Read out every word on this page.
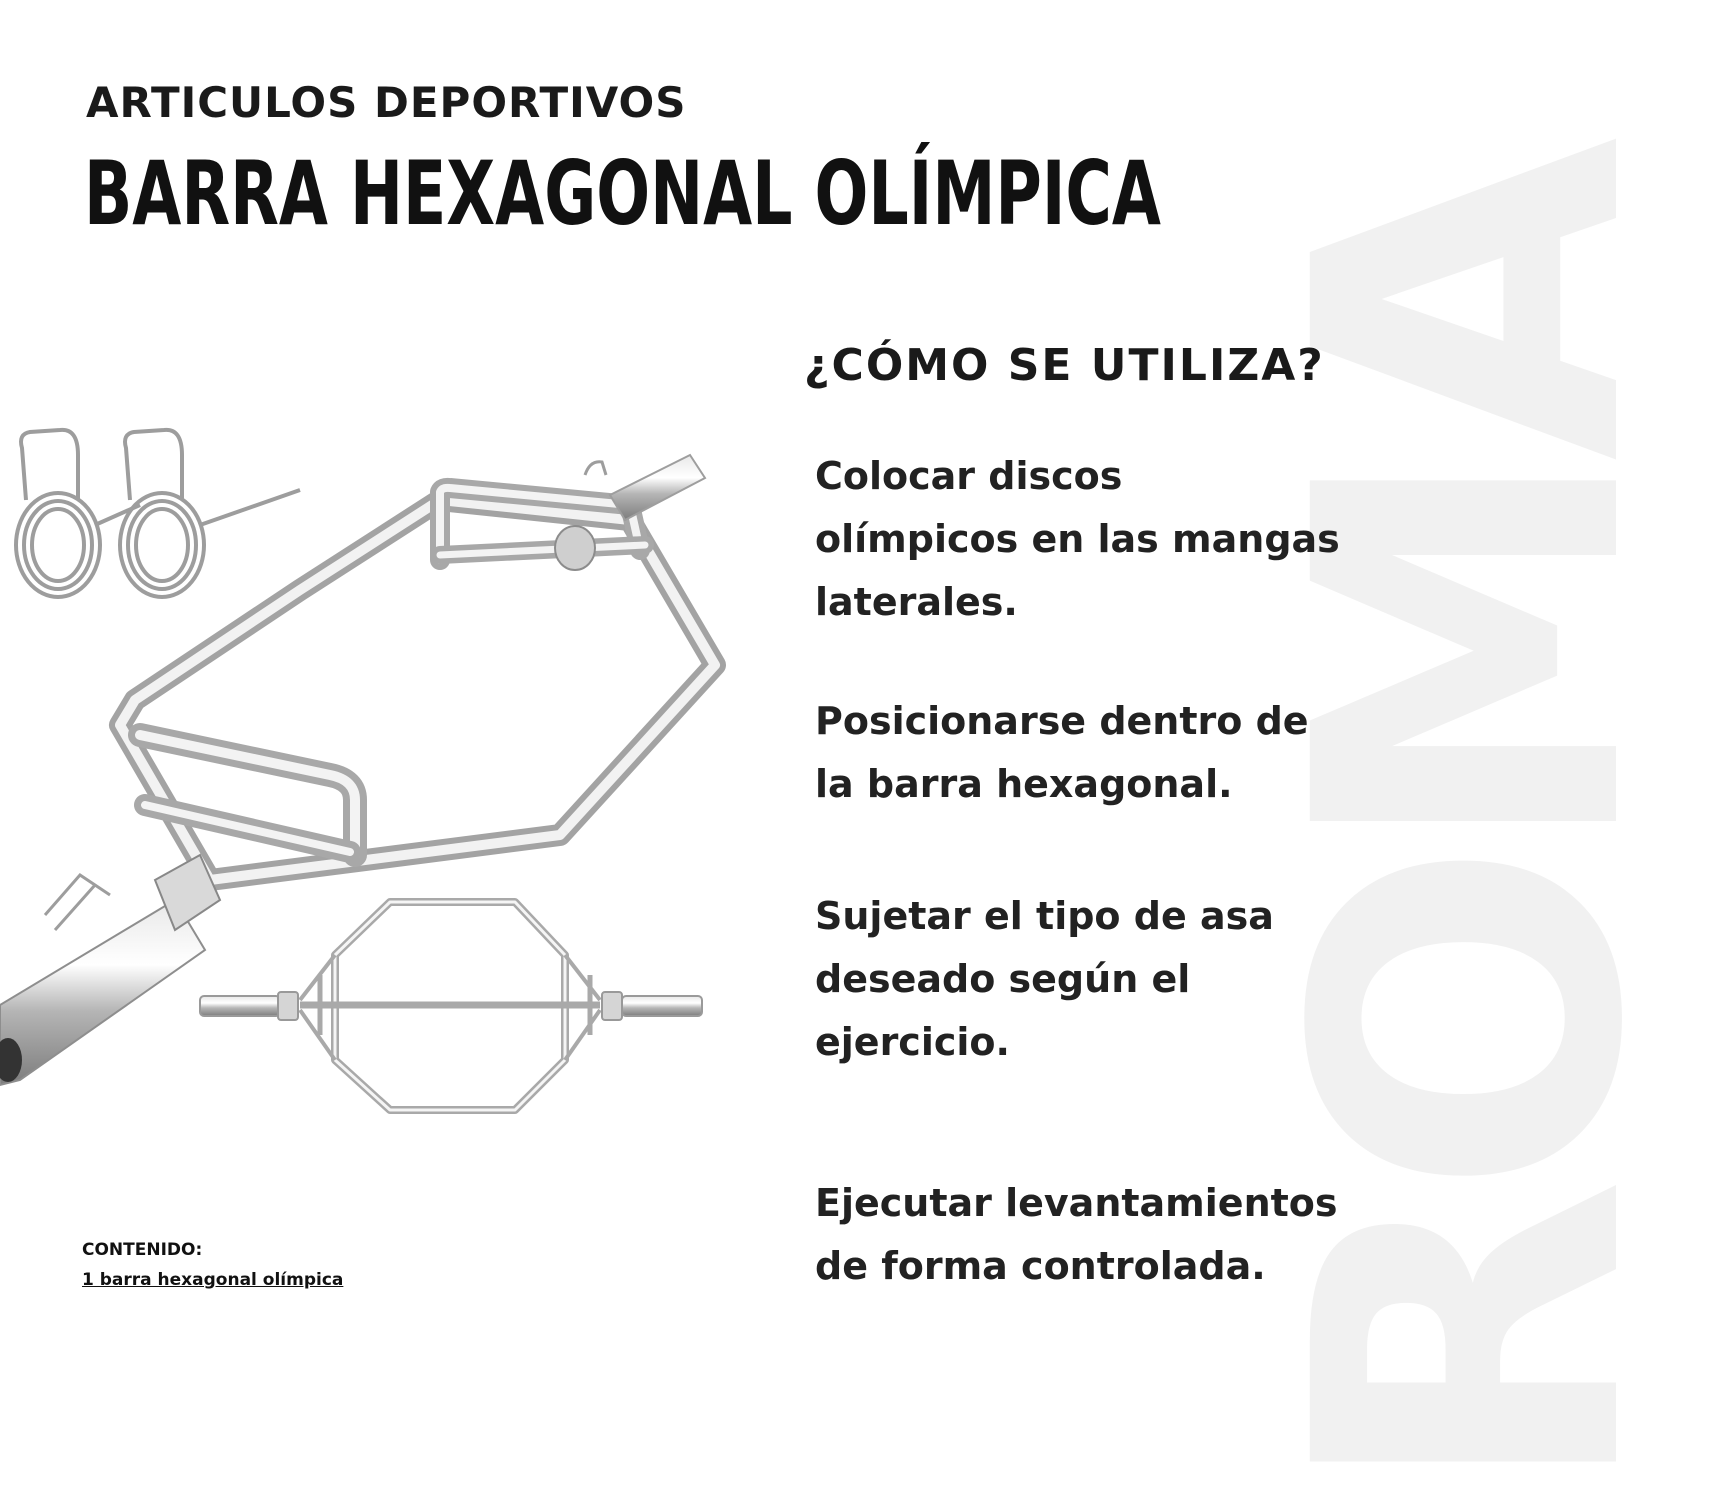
ROMA
ARTICULOS DEPORTIVOS
BARRA HEXAGONAL OLÍMPICA
¿CÓMO SE UTILIZA?
Colocar discos
olímpicos en las mangas
laterales.
Posicionarse dentro de
la barra hexagonal.
Sujetar el tipo de asa
deseado según el
ejercicio.
Ejecutar levantamientos
de forma controlada.
CONTENIDO:
1 barra hexagonal olímpica
